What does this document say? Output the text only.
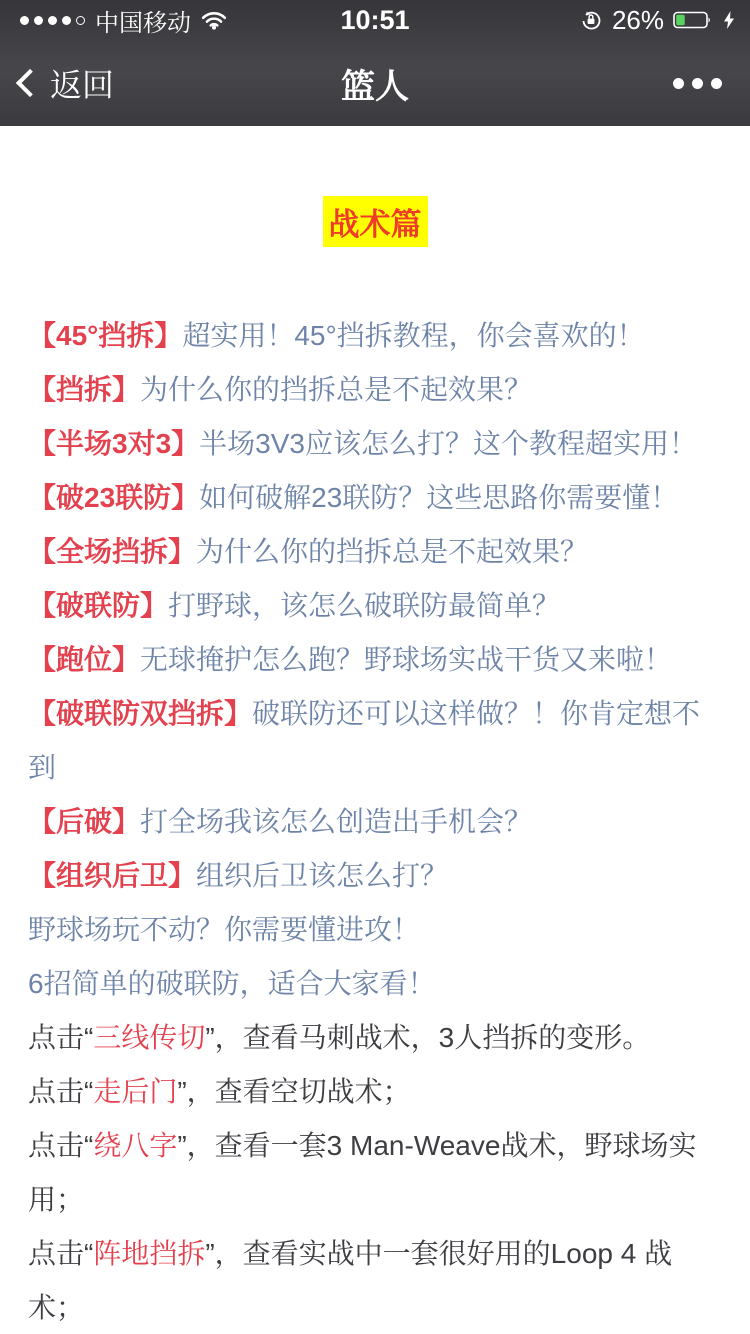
中国移动	10:51	26%
返回	篮人
战术篇

【45°挡拆】超实用！45°挡拆教程，你会喜欢的！

【挡拆】为什么你的挡拆总是不起效果？

【半场3对3】半场3V3应该怎么打？这个教程超实用！

【破23联防】如何破解23联防？这些思路你需要懂！

【全场挡拆】为什么你的挡拆总是不起效果？

【破联防】打野球，该怎么破联防最简单？

【跑位】无球掩护怎么跑？野球场实战干货又来啦！

【破联防双挡拆】破联防还可以这样做？！你肯定想不到

【后破】打全场我该怎么创造出手机会？

【组织后卫】组织后卫该怎么打？

野球场玩不动？你需要懂进攻！

6招简单的破联防，适合大家看！

点击“三线传切”，查看马刺战术，3人挡拆的变形。

点击“走后门”，查看空切战术；

点击“绕八字”，查看一套3 Man-Weave战术，野球场实用；

点击“阵地挡拆”，查看实战中一套很好用的Loop 4 战术；
